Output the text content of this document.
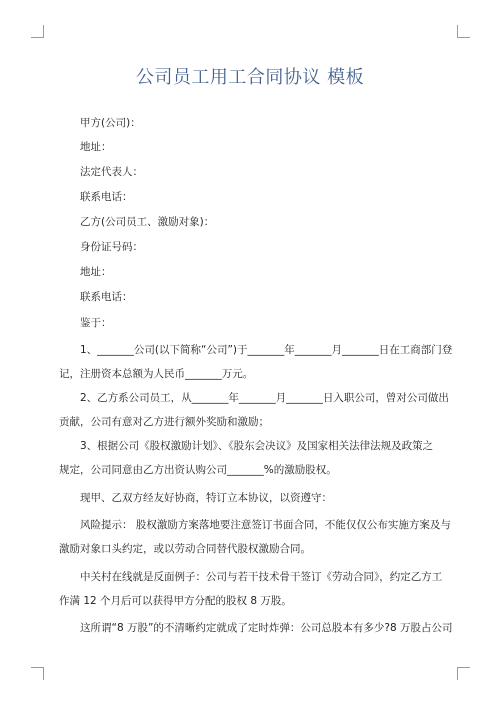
公司员工用工合同协议 模板
甲方(公司)：
地址：
法定代表人：
联系电话：
乙方(公司员工、激励对象)：
身份证号码：
地址：
联系电话：
鉴于：
1、_______公司(以下简称“公司”)于_______年_______月_______日在工商部门登
记，注册资本总额为人民币_______万元。
2、乙方系公司员工，从_______年_______月_______日入职公司，曾对公司做出
贡献，公司有意对乙方进行额外奖励和激励；
3、根据公司《股权激励计划》、《股东会决议》及国家相关法律法规及政策之
规定，公司同意由乙方出资认购公司_______%的激励股权。
现甲、乙双方经友好协商，特订立本协议，以资遵守：
风险提示： 股权激励方案落地要注意签订书面合同，不能仅仅公布实施方案及与
激励对象口头约定，或以劳动合同替代股权激励合同。
中关村在线就是反面例子：公司与若干技术骨干签订《劳动合同》，约定乙方工
作满 12 个月后可以获得甲方分配的股权 8 万股。
这所谓“8 万股”的不清晰约定就成了定时炸弹：公司总股本有多少?8 万股占公司
